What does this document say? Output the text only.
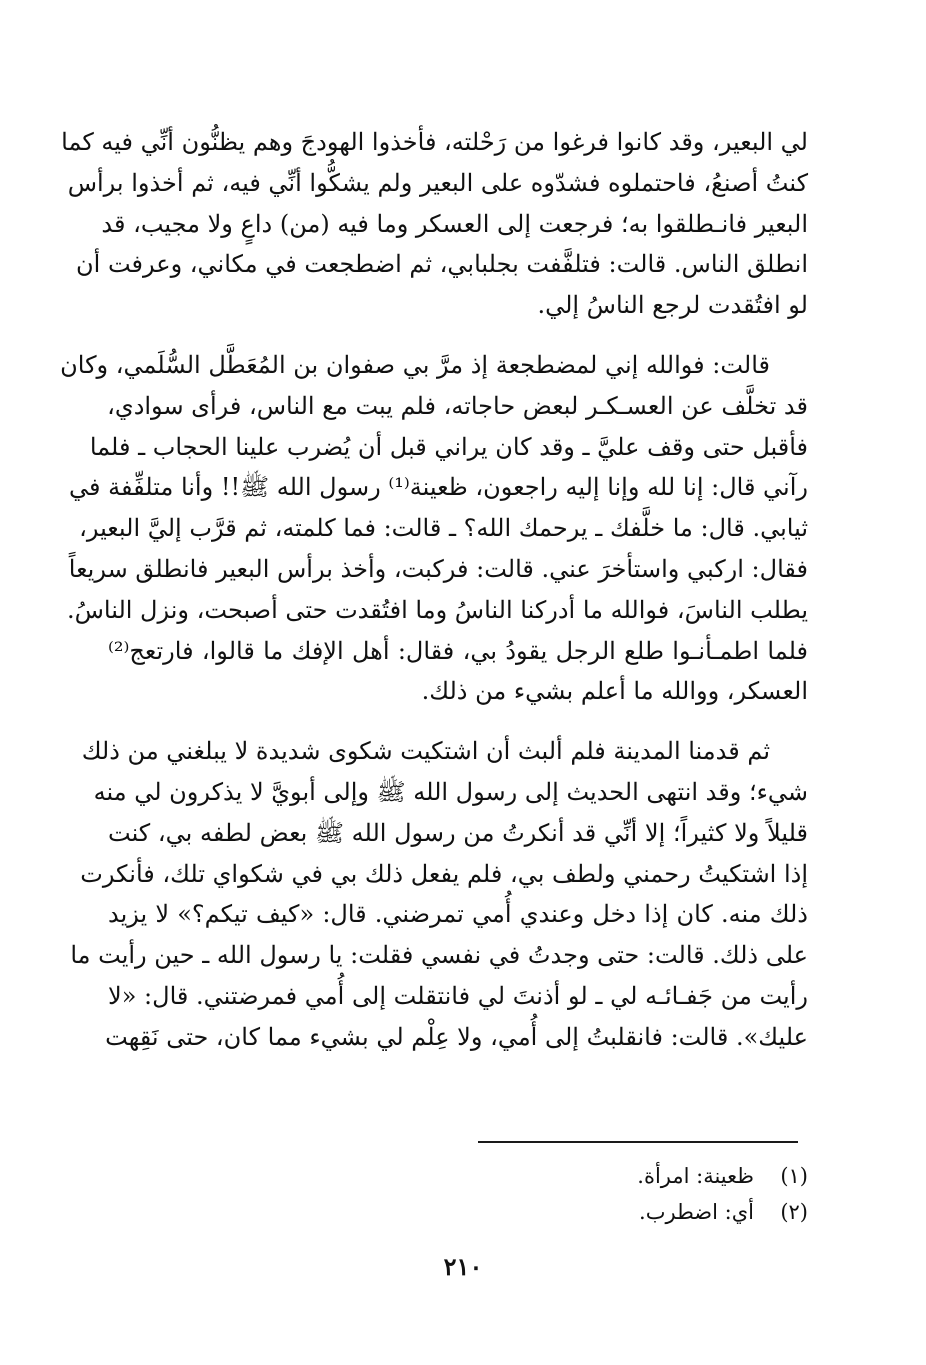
لي البعير، وقد كانوا فرغوا من رَحْلته، فأخذوا الهودجَ وهم يظنُّون أنِّي فيه كما
كنتُ أصنعُ، فاحتملوه فشدّوه على البعير ولم يشكُّوا أنِّي فيه، ثم أخذوا برأس
البعير فانـطلقوا به؛ فرجعت إلى العسكر وما فيه (من) داعٍ ولا مجيب، قد
انطلق الناس. قالت: فتلفَّفت بجلبابي، ثم اضطجعت في مكاني، وعرفت أن
لو افتُقدت لرجع الناسُ إلي.

قالت: فوالله إني لمضطجعة إذ مرَّ بي صفوان بن المُعَطَّل السُّلَمي، وكان
قد تخلَّف عن العسـكـر لبعض حاجاته، فلم يبت مع الناس، فرأى سوادي،
فأقبل حتى وقف عليَّ ـ وقد كان يراني قبل أن يُضرب علينا الحجاب ـ فلما
رآني قال: إنا لله وإنا إليه راجعون، ظعينة⁽¹⁾ رسول الله ﷺ!! وأنا متلفِّفة في
ثيابي. قال: ما خلَّفك ـ يرحمك الله؟ ـ قالت: فما كلمته، ثم قرَّب إليَّ البعير،
فقال: اركبي واستأخرَ عني. قالت: فركبت، وأخذ برأس البعير فانطلق سريعاً
يطلب الناسَ، فوالله ما أدركنا الناسُ وما افتُقدت حتى أصبحت، ونزل الناسُ.
فلما اطمـأنـوا طلع الرجل يقودُ بي، فقال: أهل الإفك ما قالوا، فارتعج⁽²⁾
العسكر، ووالله ما أعلم بشيء من ذلك.

ثم قدمنا المدينة فلم ألبث أن اشتكيت شكوى شديدة لا يبلغني من ذلك
شيء؛ وقد انتهى الحديث إلى رسول الله ﷺ وإلى أبويَّ لا يذكرون لي منه
قليلاً ولا كثيراً؛ إلا أنِّي قد أنكرتُ من رسول الله ﷺ بعض لطفه بي، كنت
إذا اشتكيتُ رحمني ولطف بي، فلم يفعل ذلك بي في شكواي تلك، فأنكرت
ذلك منه. كان إذا دخل وعندي أُمي تمرضني. قال: «كيف تيكم؟» لا يزيد
على ذلك. قالت: حتى وجدتُ في نفسي فقلت: يا رسول الله ـ حين رأيت ما
رأيت من جَفـائـه لي ـ لو أذنتَ لي فانتقلت إلى أُمي فمرضتني. قال: «لا
عليك». قالت: فانقلبتُ إلى أُمي، ولا عِلْم لي بشيء مما كان، حتى نَقِهت

(١)ظعينة: امرأة.
(٢)أي: اضطرب.
٢١٠
